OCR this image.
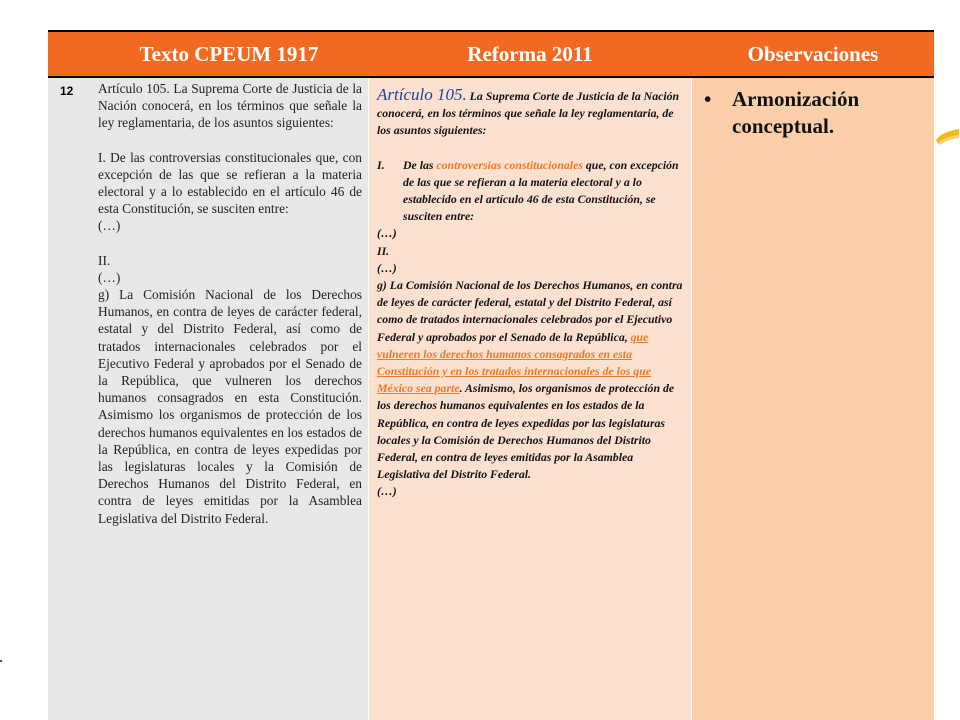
Texto CPEUM 1917	Reforma 2011	Observaciones
12 Artículo 105. La Suprema Corte de Justicia de la Nación conocerá, en los términos que señale la ley reglamentaria, de los asuntos siguientes:

I. De las controversias constitucionales que, con excepción de las que se refieran a la materia electoral y a lo establecido en el artículo 46 de esta Constitución, se susciten entre:

(…)

II.

(…)

g) La Comisión Nacional de los Derechos Humanos, en contra de leyes de carácter federal, estatal y del Distrito Federal, así como de tratados internacionales celebrados por el Ejecutivo Federal y aprobados por el Senado de la República, que vulneren los derechos humanos consagrados en esta Constitución. Asimismo los organismos de protección de los derechos humanos equivalentes en los estados de la República, en contra de leyes expedidas por las legislaturas locales y la Comisión de Derechos Humanos del Distrito Federal, en contra de leyes emitidas por la Asamblea Legislativa del Distrito Federal.

Artículo 105. La Suprema Corte de Justicia de la Nación conocerá, en los términos que señale la ley reglamentaria, de los asuntos siguientes:

I. De las controversias constitucionales que, con excepción de las que se refieran a la materia electoral y a lo establecido en el artículo 46 de esta Constitución, se susciten entre:

(…)

II.

(…)

g) La Comisión Nacional de los Derechos Humanos, en contra de leyes de carácter federal, estatal y del Distrito Federal, así como de tratados internacionales celebrados por el Ejecutivo Federal y aprobados por el Senado de la República, que vulneren los derechos humanos consagrados en esta Constitución y en los tratados internacionales de los que México sea parte. Asimismo, los organismos de protección de los derechos humanos equivalentes en los estados de la República, en contra de leyes expedidas por las legislaturas locales y la Comisión de Derechos Humanos del Distrito Federal, en contra de leyes emitidas por la Asamblea Legislativa del Distrito Federal.

(…)

• Armonización conceptual.
